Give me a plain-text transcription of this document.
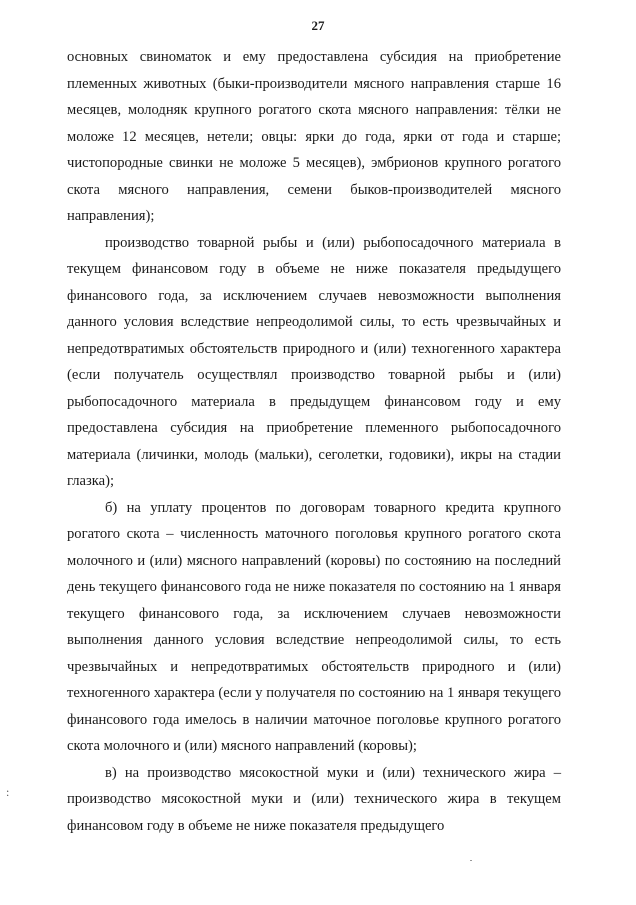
27

основных свиноматок и ему предоставлена субсидия на приобретение племенных животных (быки-производители мясного направления старше 16 месяцев, молодняк крупного рогатого скота мясного направления: тёлки не моложе 12 месяцев, нетели; овцы: ярки до года, ярки от года и старше; чистопородные свинки не моложе 5 месяцев), эмбрионов крупного рогатого скота мясного направления, семени быков-производителей мясного направления);

производство товарной рыбы и (или) рыбопосадочного материала в текущем финансовом году в объеме не ниже показателя предыдущего финансового года, за исключением случаев невозможности выполнения данного условия вследствие непреодолимой силы, то есть чрезвычайных и непредотвратимых обстоятельств природного и (или) техногенного характера (если получатель осуществлял производство товарной рыбы и (или) рыбопосадочного материала в предыдущем финансовом году и ему предоставлена субсидия на приобретение племенного рыбопосадочного материала (личинки, молодь (мальки), сеголетки, годовики), икры на стадии глазка);

б) на уплату процентов по договорам товарного кредита крупного рогатого скота – численность маточного поголовья крупного рогатого скота молочного и (или) мясного направлений (коровы) по состоянию на последний день текущего финансового года не ниже показателя по состоянию на 1 января текущего финансового года, за исключением случаев невозможности выполнения данного условия вследствие непреодолимой силы, то есть чрезвычайных и непредотвратимых обстоятельств природного и (или) техногенного характера (если у получателя по состоянию на 1 января текущего финансового года имелось в наличии маточное поголовье крупного рогатого скота молочного и (или) мясного направлений (коровы);

в) на производство мясокостной муки и (или) технического жира – производство мясокостной муки и (или) технического жира в текущем финансовом году в объеме не ниже показателя предыдущего

:
